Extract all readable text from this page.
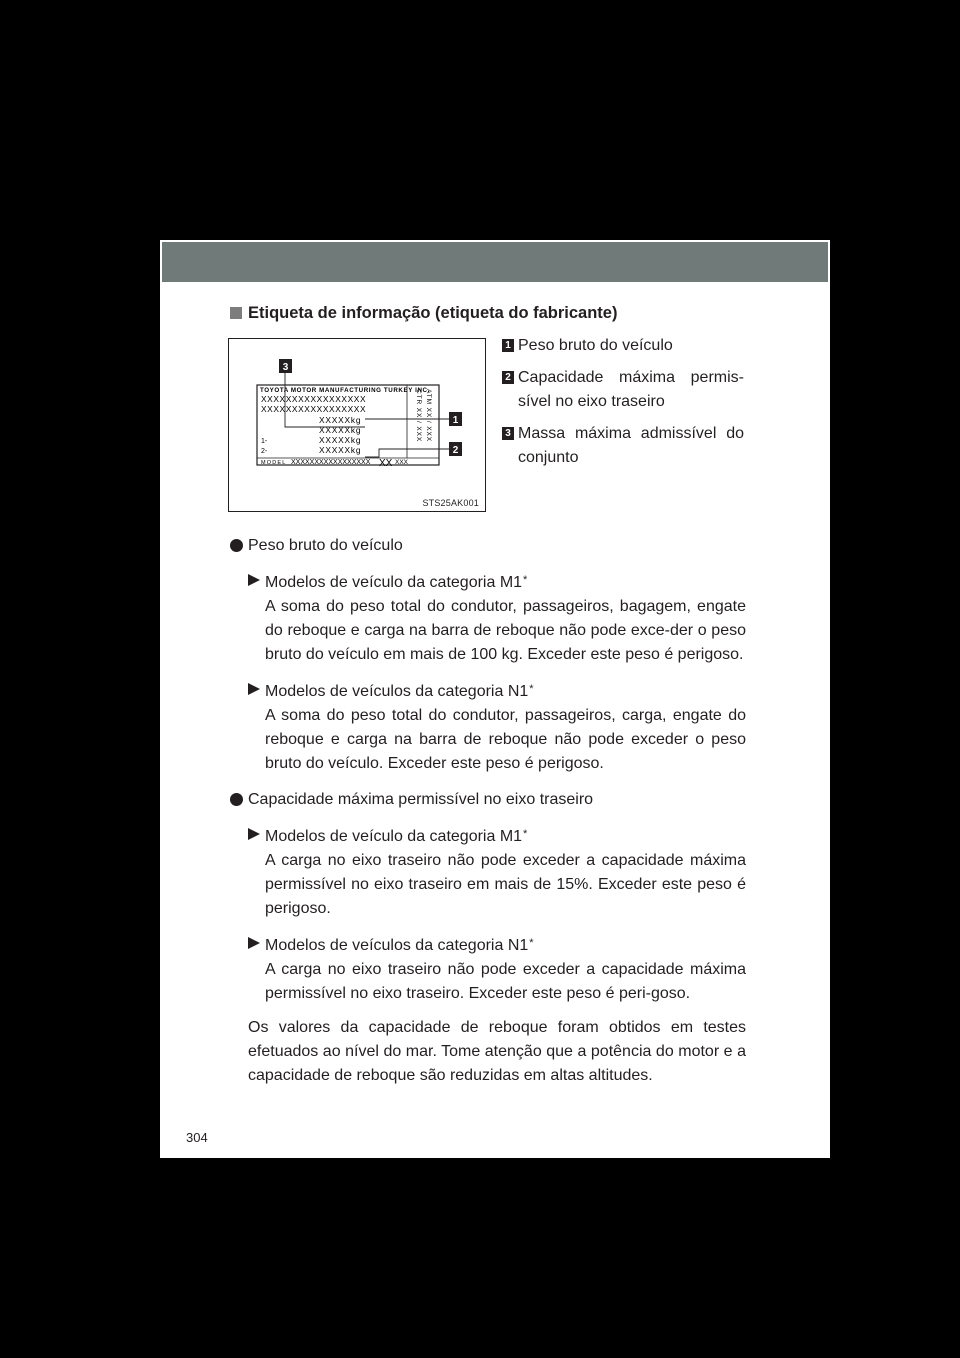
Etiqueta de informação (etiqueta do fabricante)
TOYOTA MOTOR MANUFACTURING TURKEY INC.
XXXXXXXXXXXXXXXXX
XXXXXXXXXXXXXXXXX
XXXXXkg
XXXXXkg
1-	XXXXXkg
2-	XXXXXkg
MODEL XXXXXXXXXXXXXXXXX XX XXX
CTR XX / XXX ATM XX / XXX
3
1
2
STS25AK001
1 Peso bruto do veículo
2 Capacidade máxima permis-sível no eixo traseiro
3 Massa máxima admissível do conjunto
Peso bruto do veículo
Modelos de veículo da categoria M1*
A soma do peso total do condutor, passageiros, bagagem, engate do reboque e carga na barra de reboque não pode exce-der o peso bruto do veículo em mais de 100 kg. Exceder este peso é perigoso.
Modelos de veículos da categoria N1*
A soma do peso total do condutor, passageiros, carga, engate do reboque e carga na barra de reboque não pode exceder o peso bruto do veículo. Exceder este peso é perigoso.
Capacidade máxima permissível no eixo traseiro
Modelos de veículo da categoria M1*
A carga no eixo traseiro não pode exceder a capacidade máxima permissível no eixo traseiro em mais de 15%. Exceder este peso é perigoso.
Modelos de veículos da categoria N1*
A carga no eixo traseiro não pode exceder a capacidade máxima permissível no eixo traseiro. Exceder este peso é peri-goso.
Os valores da capacidade de reboque foram obtidos em testes efetuados ao nível do mar. Tome atenção que a potência do motor e a capacidade de reboque são reduzidas em altas altitudes.
304
